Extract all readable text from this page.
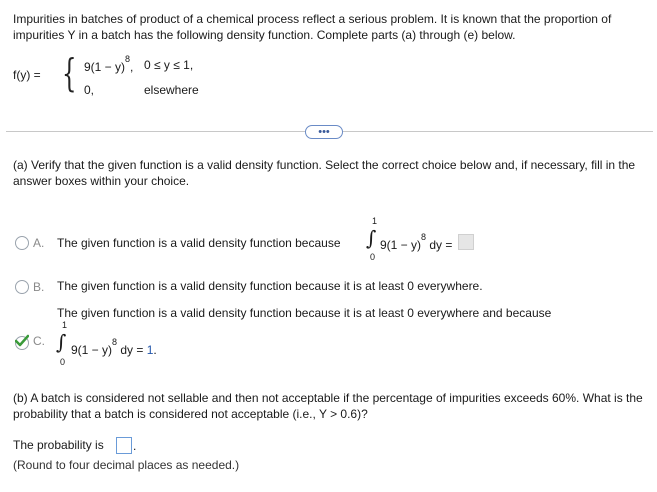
Impurities in batches of product of a chemical process reflect a serious problem. It is known that the proportion of impurities Y in a batch has the following density function. Complete parts (a) through (e) below.
f(y) = { $9(1 - y)^8$, 0 ≤ y ≤ 1,
0,	elsewhere
•••
(a) Verify that the given function is a valid density function. Select the correct choice below and, if necessary, fill in the answer boxes within your choice.
A. The given function is a valid density function because
1
∫
0
$9(1 - y)^8$ dy =
B. The given function is a valid density function because it is at least 0 everywhere.
The given function is a valid density function because it is at least 0 everywhere and because
C.
1
∫
0
$9(1 - y)^8$ dy = 1.
(b) A batch is considered not sellable and then not acceptable if the percentage of impurities exceeds 60%. What is the probability that a batch is considered not acceptable (i.e., Y > 0.6)?
The probability is .
(Round to four decimal places as needed.)
